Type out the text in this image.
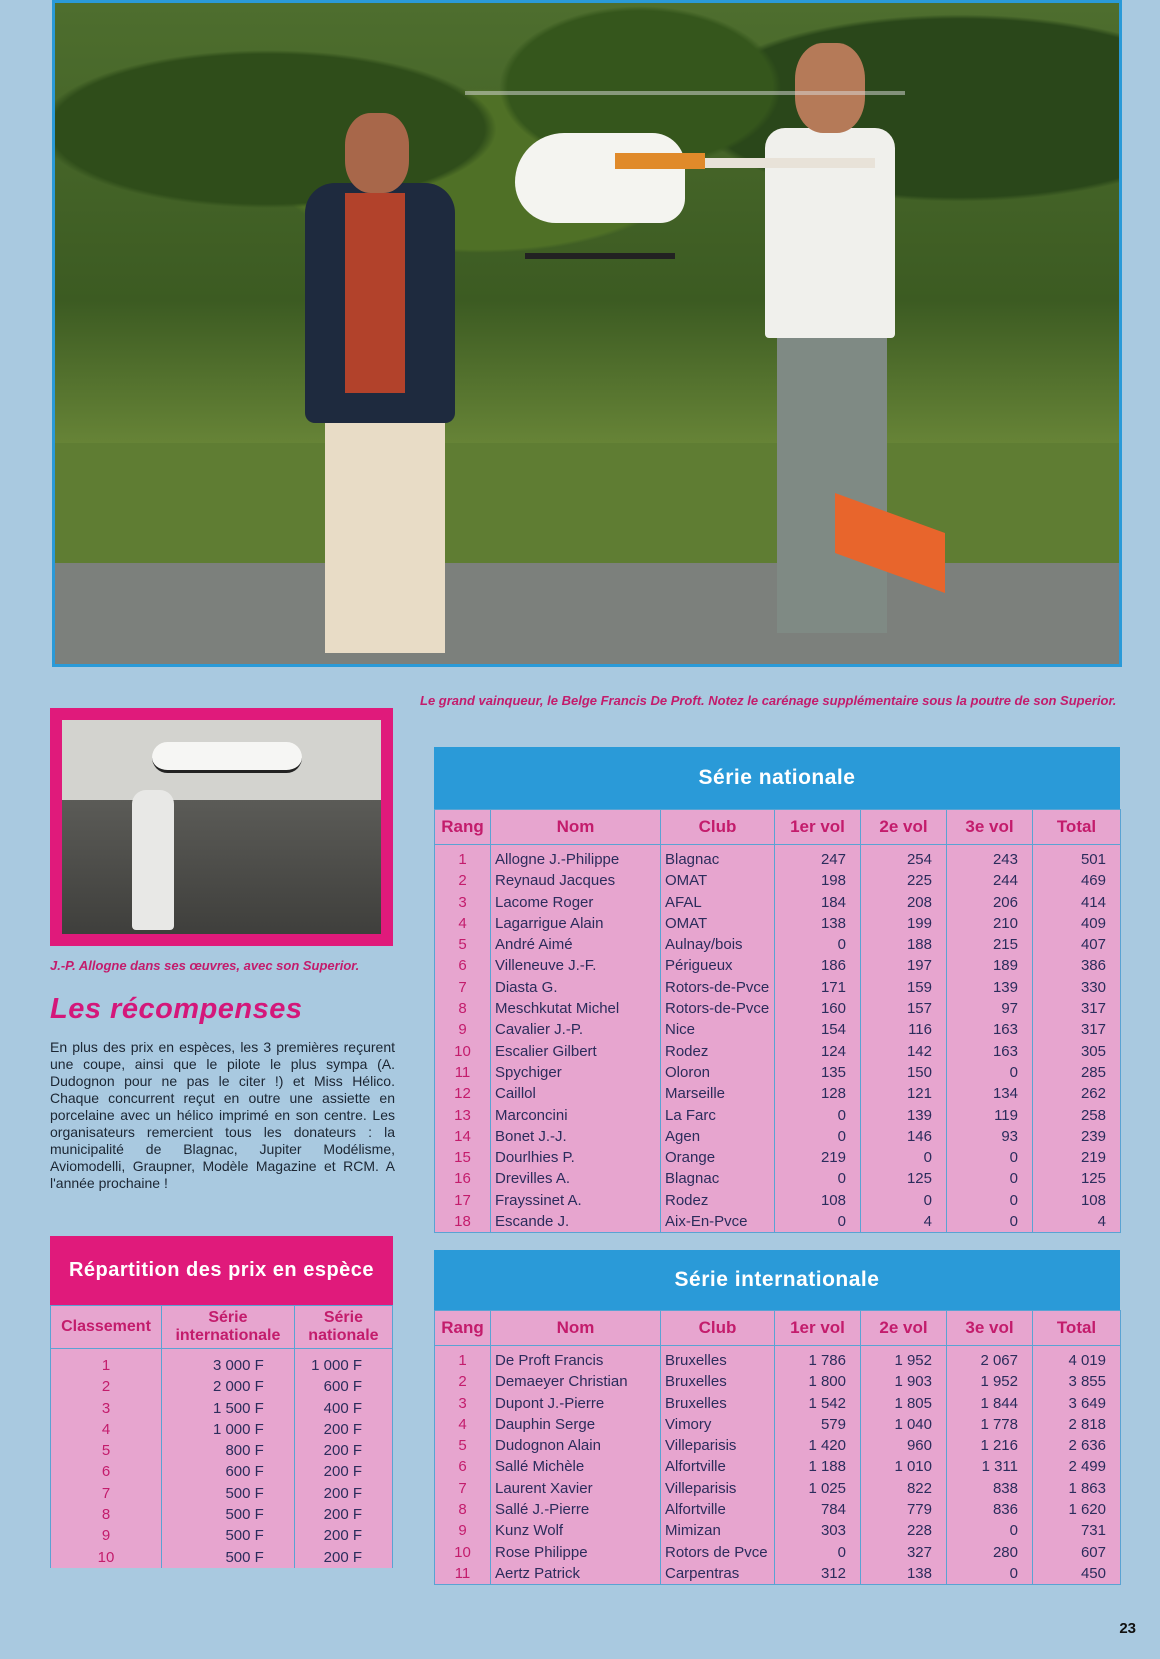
Le grand vainqueur, le Belge Francis De Proft. Notez le carénage supplémentaire sous la poutre de son Superior.
J.-P. Allogne dans ses œuvres, avec son Superior.
Les récompenses
En plus des prix en espèces, les 3 premières reçurent une coupe, ainsi que le pilote le plus sympa (A. Dudognon pour ne pas le citer !) et Miss Hélico. Chaque concurrent reçut en outre une assiette en porcelaine avec un hélico imprimé en son centre. Les organisateurs remercient tous les donateurs : la municipalité de Blagnac, Jupiter Modélisme, Aviomodelli, Graupner, Modèle Magazine et RCM. A l'année prochaine !
Répartition des prix en espèce
Classement	Série internationale	Série nationale
1	3 000 F	1 000 F
2	2 000 F	600 F
3	1 500 F	400 F
4	1 000 F	200 F
5	800 F	200 F
6	600 F	200 F
7	500 F	200 F
8	500 F	200 F
9	500 F	200 F
10	500 F	200 F
Série nationale
Rang	Nom	Club	1er vol	2e vol	3e vol	Total
1	Allogne J.-Philippe	Blagnac	247	254	243	501
2	Reynaud Jacques	OMAT	198	225	244	469
3	Lacome Roger	AFAL	184	208	206	414
4	Lagarrigue Alain	OMAT	138	199	210	409
5	André Aimé	Aulnay/bois	0	188	215	407
6	Villeneuve J.-F.	Périgueux	186	197	189	386
7	Diasta G.	Rotors-de-Pvce	171	159	139	330
8	Meschkutat Michel	Rotors-de-Pvce	160	157	97	317
9	Cavalier J.-P.	Nice	154	116	163	317
10	Escalier Gilbert	Rodez	124	142	163	305
11	Spychiger	Oloron	135	150	0	285
12	Caillol	Marseille	128	121	134	262
13	Marconcini	La Farc	0	139	119	258
14	Bonet J.-J.	Agen	0	146	93	239
15	Dourlhies P.	Orange	219	0	0	219
16	Drevilles A.	Blagnac	0	125	0	125
17	Frayssinet A.	Rodez	108	0	0	108
18	Escande J.	Aix-En-Pvce	0	4	0	4
Série internationale
Rang	Nom	Club	1er vol	2e vol	3e vol	Total
1	De Proft Francis	Bruxelles	1 786	1 952	2 067	4 019
2	Demaeyer Christian	Bruxelles	1 800	1 903	1 952	3 855
3	Dupont J.-Pierre	Bruxelles	1 542	1 805	1 844	3 649
4	Dauphin Serge	Vimory	579	1 040	1 778	2 818
5	Dudognon Alain	Villeparisis	1 420	960	1 216	2 636
6	Sallé Michèle	Alfortville	1 188	1 010	1 311	2 499
7	Laurent Xavier	Villeparisis	1 025	822	838	1 863
8	Sallé J.-Pierre	Alfortville	784	779	836	1 620
9	Kunz Wolf	Mimizan	303	228	0	731
10	Rose Philippe	Rotors de Pvce	0	327	280	607
11	Aertz Patrick	Carpentras	312	138	0	450
23
